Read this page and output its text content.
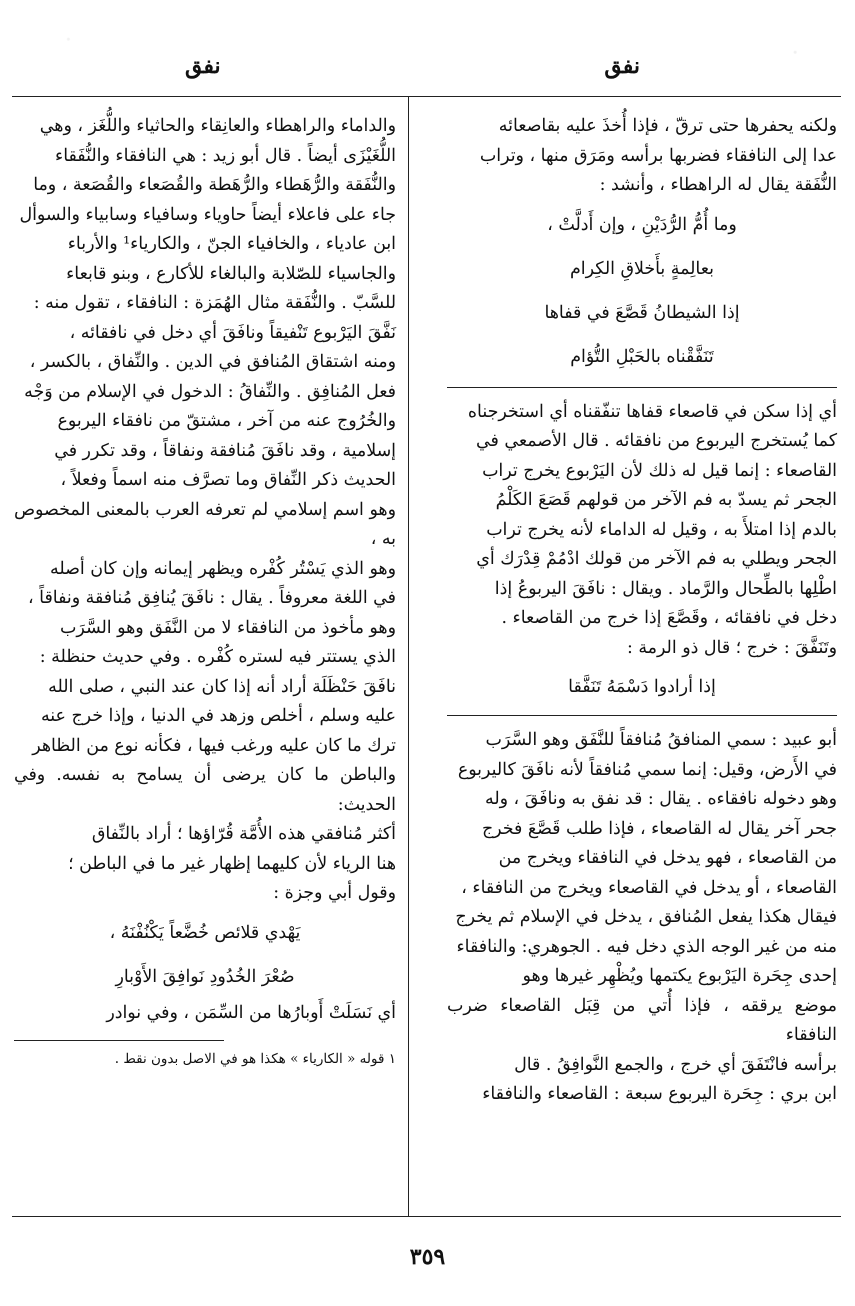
نفق
نفق

ولكنه يحفرها حتى ترقّ ، فإذا أُخذَ عليه بقاصعائه

عدا إلى النافقاء فضربها برأسه ومَرَق منها ، وتراب

النُّفَقة يقال له الراهطاء ، وأنشد :

وما أُمُّ الرُّدَيْنِ ، وإن أَدلَّتْ ،

بعالِمةٍ بأَخلاقِ الكِرام

إذا الشيطانُ قَصَّعَ في قفاها

تَنَفَّقْناه بالحَبْلِ التُّؤام

أي إذا سكن في قاصعاء قفاها تنفّقناه أي استخرجناه

كما يُستخرج اليربوع من نافقائه . قال الأصمعي في

القاصعاء : إنما قيل له ذلك لأن اليَرْبوع يخرج تراب

الجحر ثم يسدّ به فم الآخر من قولهم قَصَعَ الكَلْمُ

بالدم إذا امتلأَ به ، وقيل له الداماء لأنه يخرج تراب

الجحر ويطلي به فم الآخر من قولك ادْمُمْ قِدْرَك أي

اطْلِها بالطِّحال والرَّماد . ويقال : نافَقَ اليربوعُ إذا

دخل في نافقائه ، وقَصَّعَ إذا خرج من القاصعاء .

وتَنَفَّقَ : خرج ؛ قال ذو الرمة :

إذا أرادوا دَسْمَهُ تَنَفَّقا

أبو عبيد : سمي المنافقُ مُنافقاً للنَّفَق وهو السَّرَب

في الأَرض، وقيل: إنما سمي مُنافقاً لأنه نافَقَ كاليربوع

وهو دخوله نافقاءه . يقال : قد نفق به ونافَقَ ، وله

جحر آخر يقال له القاصعاء ، فإذا طلب قَصَّعَ فخرج

من القاصعاء ، فهو يدخل في النافقاء ويخرج من

القاصعاء ، أو يدخل في القاصعاء ويخرج من النافقاء ،

فيقال هكذا يفعل المُنافق ، يدخل في الإسلام ثم يخرج

منه من غير الوجه الذي دخل فيه . الجوهري: والنافقاء

إحدى جِحَرة اليَرْبوع يكتمها ويُظْهِر غيرها وهو

موضع يرققه ، فإذا أُتي من قِبَل القاصعاء ضرب النافقاء

برأسه فانْتَفَقَ أي خرج ، والجمع النَّوافِقُ . قال

ابن بري : جِحَرة اليربوع سبعة : القاصعاء والنافقاء

والداماء والراهطاء والعانِقاء والحاثياء واللُّغَز ، وهي

اللُّغَيْزَى أيضاً . قال أبو زيد : هي النافقاء والنُّفَقاء

والنُّفَقة والرُّهَطاء والرُّهَطة والقُصَعاء والقُصَعة ، وما

جاء على فاعلاء أيضاً حاوياء وسافياء وسابياء والسوأل

ابن عادياء ، والخافياء الجنّ ، والكارياء¹ والأرباء

والجاسياء للصّلابة والبالغاء للأكارع ، وبنو قابعاء

للسَّبّ . والنُّفَقة مثال الهُمَزة : النافقاء ، تقول منه :

نَفَّقَ اليَرْبوع تَنْفيقاً ونافَقَ أي دخل في نافقائه ،

ومنه اشتقاق المُنافق في الدين . والنِّفاق ، بالكسر ،

فعل المُنافِق . والنِّفاقُ : الدخول في الإسلام من وَجْه

والخُرُوج عنه من آخر ، مشتقّ من نافقاء اليربوع

إسلامية ، وقد نافَقَ مُنافقة ونفاقاً ، وقد تكرر في

الحديث ذكر النِّفاق وما تصرَّف منه اسماً وفعلاً ،

وهو اسم إسلامي لم تعرفه العرب بالمعنى المخصوص به ،

وهو الذي يَسْتُر كُفْره ويظهر إيمانه وإن كان أصله

في اللغة معروفاً . يقال : نافَقَ يُنافِق مُنافقة ونفاقاً ،

وهو مأخوذ من النافقاء لا من النَّفَق وهو السَّرَب

الذي يستتر فيه لستره كُفْره . وفي حديث حنظلة :

نافَقَ حَنْظَلَة أراد أنه إذا كان عند النبي ، صلى الله

عليه وسلم ، أخلص وزهد في الدنيا ، وإذا خرج عنه

ترك ما كان عليه ورغب فيها ، فكأنه نوع من الظاهر

والباطن ما كان يرضى أن يسامح به نفسه. وفي الحديث:

أكثر مُنافقي هذه الأُمَّة قُرّاؤها ؛ أراد بالنِّفاق

هنا الرياء لأن كليهما إظهار غير ما في الباطن ؛

وقول أبي وجزة :

يَهْدي قلائص خُضَّعاً يَكْنُفْنَهُ ،

صُعْرَ الخُدُودِ نَوافِقَ الأَوْبارِ

أي نَسَلَتْ أَوبارُها من السِّمَن ، وفي نوادر

١ قوله « الكارياء » هكذا هو في الاصل بدون نقط .

٣٥٩
